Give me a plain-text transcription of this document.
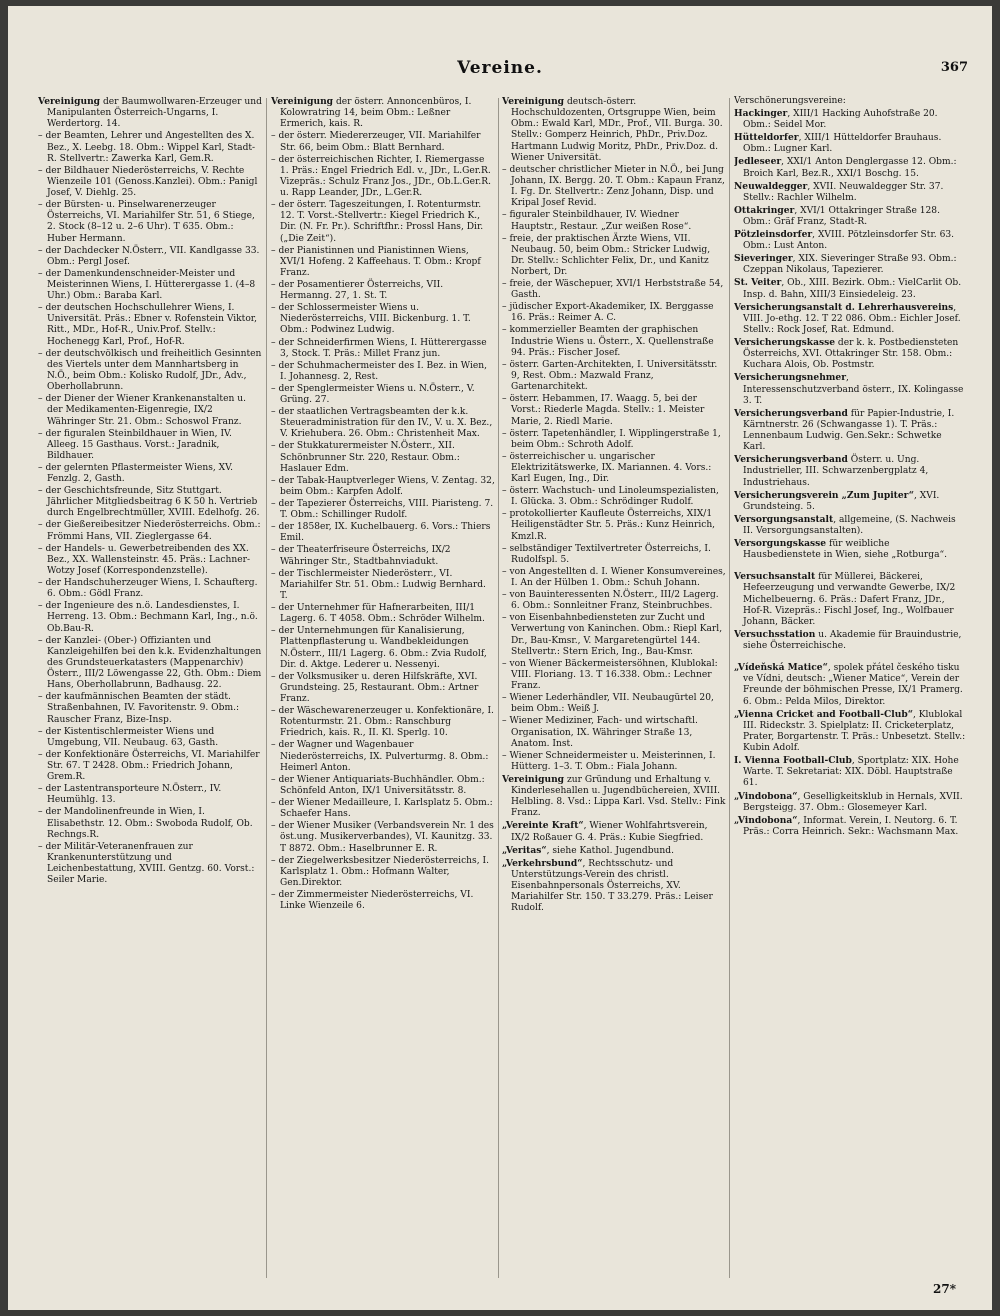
Vereine.	367
Vereinigung der Baumwollwaren-Erzeuger und Manipulanten Österreich-Ungarns, I. Werdertorg. 14.
– der Beamten, Lehrer und Angestellten des X. Bez., X. Leebg. 18. Obm.: Wippel Karl, Stadt-R. Stellvertr.: Zawerka Karl, Gem.R.
– der Bildhauer Niederösterreichs, V. Rechte Wienzeile 101 (Genoss.Kanzlei). Obm.: Panigl Josef, V. Diehlg. 25.
– der Bürsten- u. Pinselwarenerzeuger Österreichs, VI. Mariahilfer Str. 51, 6 Stiege, 2. Stock (8–12 u. 2–6 Uhr). T 635. Obm.: Huber Hermann.
– der Dachdecker N.Österr., VII. Kandlgasse 33. Obm.: Pergl Josef.
– der Damenkundenschneider-Meister und Meisterinnen Wiens, I. Hütterergasse 1. (4–8 Uhr.) Obm.: Baraba Karl.
– der deutschen Hochschullehrer Wiens, I. Universität. Präs.: Ebner v. Rofenstein Viktor, Ritt., MDr., Hof-R., Univ.Prof. Stellv.: Hochenegg Karl, Prof., Hof-R.
– der deutschvölkisch und freiheitlich Gesinnten des Viertels unter dem Mannhartsberg in N.Ö., beim Obm.: Kolisko Rudolf, JDr., Adv., Oberhollabrunn.
– der Diener der Wiener Krankenanstalten u. der Medikamenten-Eigenregie, IX/2 Währinger Str. 21. Obm.: Schoswol Franz.
– der figuralen Steinbildhauer in Wien, IV. Alleeg. 15 Gasthaus. Vorst.: Jaradnik, Bildhauer.
– der gelernten Pflastermeister Wiens, XV. Fenzlg. 2, Gasth.
– der Geschichtsfreunde, Sitz Stuttgart. Jährlicher Mitgliedsbeitrag 6 K 50 h. Vertrieb durch Engelbrechtmüller, XVIII. Edelhofg. 26.
– der Gießereibesitzer Niederösterreichs. Obm.: Frömmi Hans, VII. Zieglergasse 64.
– der Handels- u. Gewerbetreibenden des XX. Bez., XX. Wallensteinstr. 45. Präs.: Lachner-Wotzy Josef (Korrespondenzstelle).
– der Handschuherzeuger Wiens, I. Schaufterg. 6. Obm.: Gödl Franz.
– der Ingenieure des n.ö. Landesdienstes, I. Herreng. 13. Obm.: Bechmann Karl, Ing., n.ö. Ob.Bau-R.
– der Kanzlei- (Ober-) Offizianten und Kanzleigehilfen bei den k.k. Evidenzhaltungen des Grundsteuerkatasters (Mappenarchiv) Österr., III/2 Löwengasse 22, Gth. Obm.: Diem Hans, Oberhollabrunn, Badhausg. 22.
– der kaufmännischen Beamten der städt. Straßenbahnen, IV. Favoritenstr. 9. Obm.: Rauscher Franz, Bize-Insp.
– der Kistentischlermeister Wiens und Umgebung, VII. Neubaug. 63, Gasth.
– der Konfektionäre Österreichs, VI. Mariahilfer Str. 67. T 2428. Obm.: Friedrich Johann, Grem.R.
– der Lastentransporteure N.Österr., IV. Heumühlg. 13.
– der Mandolinenfreunde in Wien, I. Elisabethstr. 12. Obm.: Swoboda Rudolf, Ob. Rechngs.R.
– der Militär-Veteranenfrauen zur Krankenunterstützung und Leichenbestattung, XVIII. Gentzg. 60. Vorst.: Seiler Marie.
Vereinigung der österr. Annoncenbüros, I. Kolowratring 14, beim Obm.: Leßner Ermerich, kais. R.
– der österr. Miedererzeuger, VII. Mariahilfer Str. 66, beim Obm.: Blatt Bernhard.
– der österreichischen Richter, I. Riemergasse 1. Präs.: Engel Friedrich Edl. v., JDr., L.Ger.R. Vizepräs.: Schulz Franz Jos., JDr., Ob.L.Ger.R. u. Rapp Leander, JDr., L.Ger.R.
– der österr. Tageszeitungen, I. Rotenturmstr. 12. T. Vorst.-Stellvertr.: Kiegel Friedrich K., Dir. (N. Fr. Pr.). Schriftfhr.: Prossl Hans, Dir. („Die Zeit“).
– der Pianistinnen und Pianistinnen Wiens, XVI/1 Hofeng. 2 Kaffeehaus. T. Obm.: Kropf Franz.
– der Posamentierer Österreichs, VII. Hermanng. 27, 1. St. T.
– der Schlossermeister Wiens u. Niederösterreichs, VIII. Bickenburg. 1. T. Obm.: Podwinez Ludwig.
– der Schneiderfirmen Wiens, I. Hütterergasse 3, Stock. T. Präs.: Millet Franz jun.
– der Schuhmachermeister des I. Bez. in Wien, I. Johannesg. 2, Rest.
– der Spenglermeister Wiens u. N.Österr., V. Grüng. 27.
– der staatlichen Vertragsbeamten der k.k. Steueradministration für den IV., V. u. X. Bez., V. Kriehubera. 26. Obm.: Christenheit Max.
– der Stukkaturermeister N.Österr., XII. Schönbrunner Str. 220, Restaur. Obm.: Haslauer Edm.
– der Tabak-Hauptverleger Wiens, V. Zentag. 32, beim Obm.: Karpfen Adolf.
– der Tapezierer Österreichs, VIII. Piaristeng. 7. T. Obm.: Schillinger Rudolf.
– der 1858er, IX. Kuchelbauerg. 6. Vors.: Thiers Emil.
– der Theaterfriseure Österreichs, IX/2 Währinger Str., Stadtbahnviadukt.
– der Tischlermeister Niederösterr., VI. Mariahilfer Str. 51. Obm.: Ludwig Bernhard. T.
– der Unternehmer für Hafnerarbeiten, III/1 Lagerg. 6. T 4058. Obm.: Schröder Wilhelm.
– der Unternehmungen für Kanalisierung, Plattenpflasterung u. Wandbekleidungen N.Österr., III/1 Lagerg. 6. Obm.: Zvia Rudolf, Dir. d. Aktge. Lederer u. Nessenyi.
– der Volksmusiker u. deren Hilfskräfte, XVI. Grundsteing. 25, Restaurant. Obm.: Artner Franz.
– der Wäschewarenerzeuger u. Konfektionäre, I. Rotenturmstr. 21. Obm.: Ranschburg Friedrich, kais. R., II. Kl. Sperlg. 10.
– der Wagner und Wagenbauer Niederösterreichs, IX. Pulverturmg. 8. Obm.: Heimerl Anton.
– der Wiener Antiquariats-Buchhändler. Obm.: Schönfeld Anton, IX/1 Universitätsstr. 8.
– der Wiener Medailleure, I. Karlsplatz 5. Obm.: Schaefer Hans.
– der Wiener Musiker (Verbandsverein Nr. 1 des öst.ung. Musikerverbandes), VI. Kaunitzg. 33. T 8872. Obm.: Haselbrunner E. R.
– der Ziegelwerksbesitzer Niederösterreichs, I. Karlsplatz 1. Obm.: Hofmann Walter, Gen.Direktor.
– der Zimmermeister Niederösterreichs, VI. Linke Wienzeile 6.
Vereinigung deutsch-österr. Hochschuldozenten, Ortsgruppe Wien, beim Obm.: Ewald Karl, MDr., Prof., VII. Burga. 30. Stellv.: Gomperz Heinrich, PhDr., Priv.Doz. Hartmann Ludwig Moritz, PhDr., Priv.Doz. d. Wiener Universität.
– deutscher christlicher Mieter in N.Ö., bei Jung Johann, IX. Bergg. 20. T. Obm.: Kapaun Franz, I. Fg. Dr. Stellvertr.: Zenz Johann, Disp. und Kripal Josef Revid.
– figuraler Steinbildhauer, IV. Wiedner Hauptstr., Restaur. „Zur weißen Rose“.
– freie, der praktischen Ärzte Wiens, VII. Neubaug. 50, beim Obm.: Stricker Ludwig, Dr. Stellv.: Schlichter Felix, Dr., und Kanitz Norbert, Dr.
– freie, der Wäschepuer, XVI/1 Herbststraße 54, Gasth.
– jüdischer Export-Akademiker, IX. Berggasse 16. Präs.: Reimer A. C.
– kommerzieller Beamten der graphischen Industrie Wiens u. Österr., X. Quellenstraße 94. Präs.: Fischer Josef.
– österr. Garten-Architekten, I. Universitätsstr. 9, Rest. Obm.: Mazwald Franz, Gartenarchitekt.
– österr. Hebammen, I7. Waagg. 5, bei der Vorst.: Riederle Magda. Stellv.: 1. Meister Marie, 2. Riedl Marie.
– österr. Tapetenhändler, I. Wipplingerstraße 1, beim Obm.: Schroth Adolf.
– österreichischer u. ungarischer Elektrizitätswerke, IX. Mariannen. 4. Vors.: Karl Eugen, Ing., Dir.
– österr. Wachstuch- und Linoleumspezialisten, I. Glücka. 3. Obm.: Schrödinger Rudolf.
– protokollierter Kaufleute Österreichs, XIX/1 Heiligenstädter Str. 5. Präs.: Kunz Heinrich, Kmzl.R.
– selbständiger Textilvertreter Österreichs, I. Rudolfspl. 5.
– von Angestellten d. I. Wiener Konsumvereines, I. An der Hülben 1. Obm.: Schuh Johann.
– von Bauinteressenten N.Österr., III/2 Lagerg. 6. Obm.: Sonnleitner Franz, Steinbruchbes.
– von Eisenbahnbediensteten zur Zucht und Verwertung von Kaninchen. Obm.: Riepl Karl, Dr., Bau-Kmsr., V. Margaretengürtel 144. Stellvertr.: Stern Erich, Ing., Bau-Kmsr.
– von Wiener Bäckermeistersöhnen, Klublokal: VIII. Floriang. 13. T 16.338. Obm.: Lechner Franz.
– Wiener Lederhändler, VII. Neubaugürtel 20, beim Obm.: Weiß J.
– Wiener Mediziner, Fach- und wirtschaftl. Organisation, IX. Währinger Straße 13, Anatom. Inst.
– Wiener Schneidermeister u. Meisterinnen, I. Hütterg. 1–3. T. Obm.: Fiala Johann.
Vereinigung zur Gründung und Erhaltung v. Kinderlesehallen u. Jugendbüchereien, XVIII. Helbling. 8. Vsd.: Lippa Karl. Vsd. Stellv.: Fink Franz.
„Vereinte Kraft“, Wiener Wohlfahrtsverein, IX/2 Roßauer G. 4. Präs.: Kubie Siegfried.
„Veritas“, siehe Kathol. Jugendbund.
„Verkehrsbund“, Rechtsschutz- und Unterstützungs-Verein des christl. Eisenbahnpersonals Österreichs, XV. Mariahilfer Str. 150. T 33.279. Präs.: Leiser Rudolf.
Verschönerungsvereine:
Hackinger, XIII/1 Hacking Auhofstraße 20. Obm.: Seidel Mor.
Hütteldorfer, XIII/1 Hütteldorfer Brauhaus. Obm.: Lugner Karl.
Jedleseer, XXI/1 Anton Denglergasse 12. Obm.: Broich Karl, Bez.R., XXI/1 Boschg. 15.
Neuwaldegger, XVII. Neuwaldegger Str. 37. Stellv.: Rachler Wilhelm.
Ottakringer, XVI/1 Ottakringer Straße 128. Obm.: Gräf Franz, Stadt-R.
Pötzleinsdorfer, XVIII. Pötzleinsdorfer Str. 63. Obm.: Lust Anton.
Sieveringer, XIX. Sieveringer Straße 93. Obm.: Czeppan Nikolaus, Tapezierer.
St. Veiter, Ob., XIII. Bezirk. Obm.: VielCarlit Ob. Insp. d. Bahn, XIII/3 Einsiedeleig. 23.
Versicherungsanstalt d. Lehrerhausvereins, VIII. Jo-ethg. 12. T 22 086. Obm.: Eichler Josef. Stellv.: Rock Josef, Rat. Edmund.
Versicherungskasse der k. k. Postbediensteten Österreichs, XVI. Ottakringer Str. 158. Obm.: Kuchara Alois, Ob. Postmstr.
Versicherungsnehmer, Interessenschutzverband österr., IX. Kolingasse 3. T.
Versicherungsverband für Papier-Industrie, I. Kärntnerstr. 26 (Schwangasse 1). T. Präs.: Lennenbaum Ludwig. Gen.Sekr.: Schwetke Karl.
Versicherungsverband Österr. u. Ung. Industrieller, III. Schwarzenbergplatz 4, Industriehaus.
Versicherungsverein „Zum Jupiter“, XVI. Grundsteing. 5.
Versorgungsanstalt, allgemeine, (S. Nachweis II. Versorgungsanstalten).
Versorgungskasse für weibliche Hausbedienstete in Wien, siehe „Rotburga“.
Versuchsanstalt für Müllerei, Bäckerei, Hefeerzeugung und verwandte Gewerbe, IX/2 Michelbeuerng. 6. Präs.: Dafert Franz, JDr., Hof-R. Vizepräs.: Fischl Josef, Ing., Wolfbauer Johann, Bäcker.
Versuchsstation u. Akademie für Brauindustrie, siehe Österreichische.
„Vídeňská Matice“, spolek přátel českého tisku ve Vídni, deutsch: „Wiener Matice“, Verein der Freunde der böhmischen Presse, IX/1 Pramerg. 6. Obm.: Pelda Milos, Direktor.
„Vienna Cricket and Football-Club“, Klublokal III. Rideckstr. 3. Spielplatz: II. Cricketerplatz, Prater, Borgartenstr. T. Präs.: Unbesetzt. Stellv.: Kubin Adolf.
I. Vienna Football-Club, Sportplatz: XIX. Hohe Warte. T. Sekretariat: XIX. Döbl. Hauptstraße 61.
„Vindobona“, Geselligkeitsklub in Hernals, XVII. Bergsteigg. 37. Obm.: Glosemeyer Karl.
„Vindobona“, Informat. Verein, I. Neutorg. 6. T. Präs.: Corra Heinrich. Sekr.: Wachsmann Max.
27*
